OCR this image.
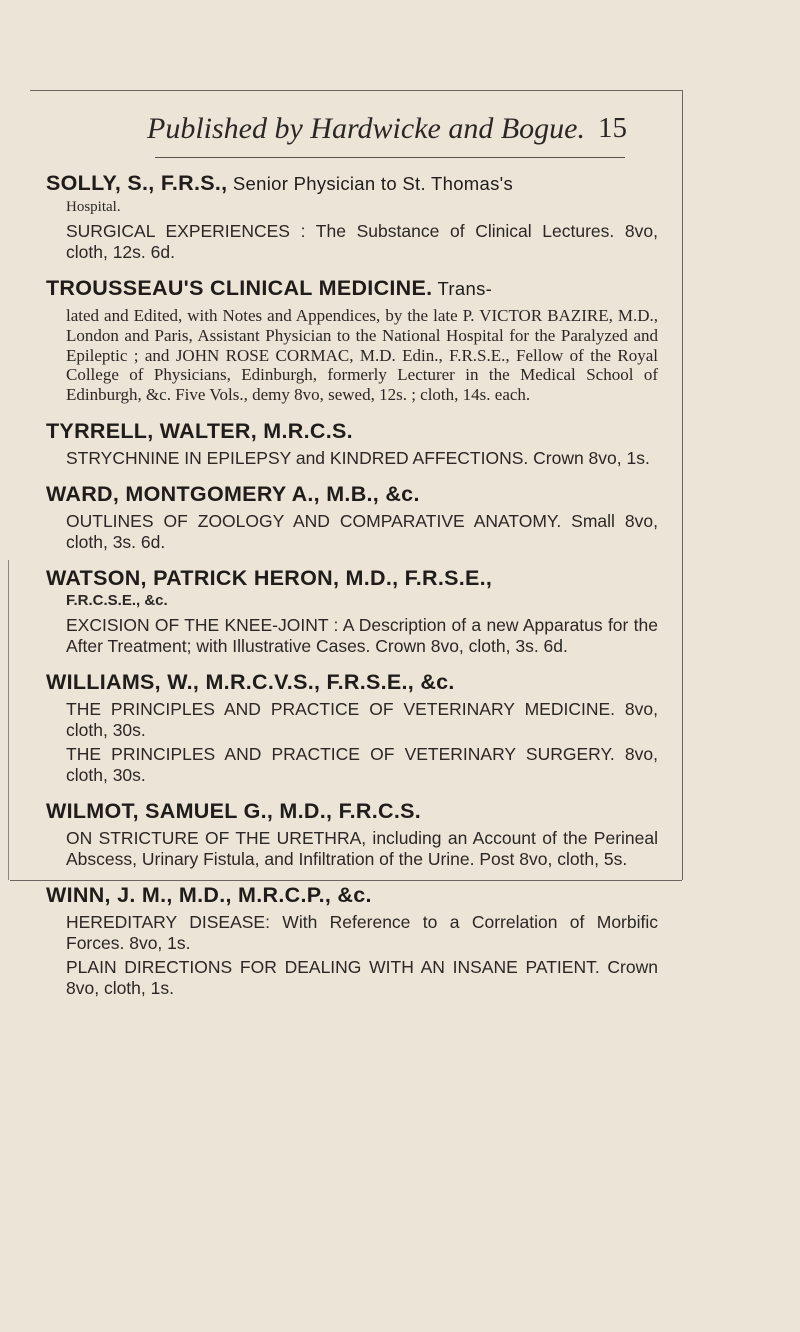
Published by Hardwicke and Bogue. 15
SOLLY, S., F.R.S., Senior Physician to St. Thomas's
Hospital.
SURGICAL EXPERIENCES : The Substance of Clinical Lectures. 8vo, cloth, 12s. 6d.
TROUSSEAU'S CLINICAL MEDICINE. Trans-
lated and Edited, with Notes and Appendices, by the late P. VICTOR BAZIRE, M.D., London and Paris, Assistant Physician to the National Hospital for the Paralyzed and Epileptic ; and JOHN ROSE CORMAC, M.D. Edin., F.R.S.E., Fellow of the Royal College of Physicians, Edinburgh, formerly Lecturer in the Medical School of Edinburgh, &c. Five Vols., demy 8vo, sewed, 12s. ; cloth, 14s. each.
TYRRELL, WALTER, M.R.C.S.
STRYCHNINE IN EPILEPSY and KINDRED AFFECTIONS. Crown 8vo, 1s.
WARD, MONTGOMERY A., M.B., &c.
OUTLINES OF ZOOLOGY AND COMPARATIVE ANATOMY. Small 8vo, cloth, 3s. 6d.
WATSON, PATRICK HERON, M.D., F.R.S.E.,
F.R.C.S.E., &c.
EXCISION OF THE KNEE-JOINT : A Description of a new Apparatus for the After Treatment; with Illustrative Cases. Crown 8vo, cloth, 3s. 6d.
WILLIAMS, W., M.R.C.V.S., F.R.S.E., &c.
THE PRINCIPLES AND PRACTICE OF VETERINARY MEDICINE. 8vo, cloth, 30s.
THE PRINCIPLES AND PRACTICE OF VETERINARY SURGERY. 8vo, cloth, 30s.
WILMOT, SAMUEL G., M.D., F.R.C.S.
ON STRICTURE OF THE URETHRA, including an Account of the Perineal Abscess, Urinary Fistula, and Infiltration of the Urine. Post 8vo, cloth, 5s.
WINN, J. M., M.D., M.R.C.P., &c.
HEREDITARY DISEASE: With Reference to a Correlation of Morbific Forces. 8vo, 1s.
PLAIN DIRECTIONS FOR DEALING WITH AN INSANE PATIENT. Crown 8vo, cloth, 1s.
